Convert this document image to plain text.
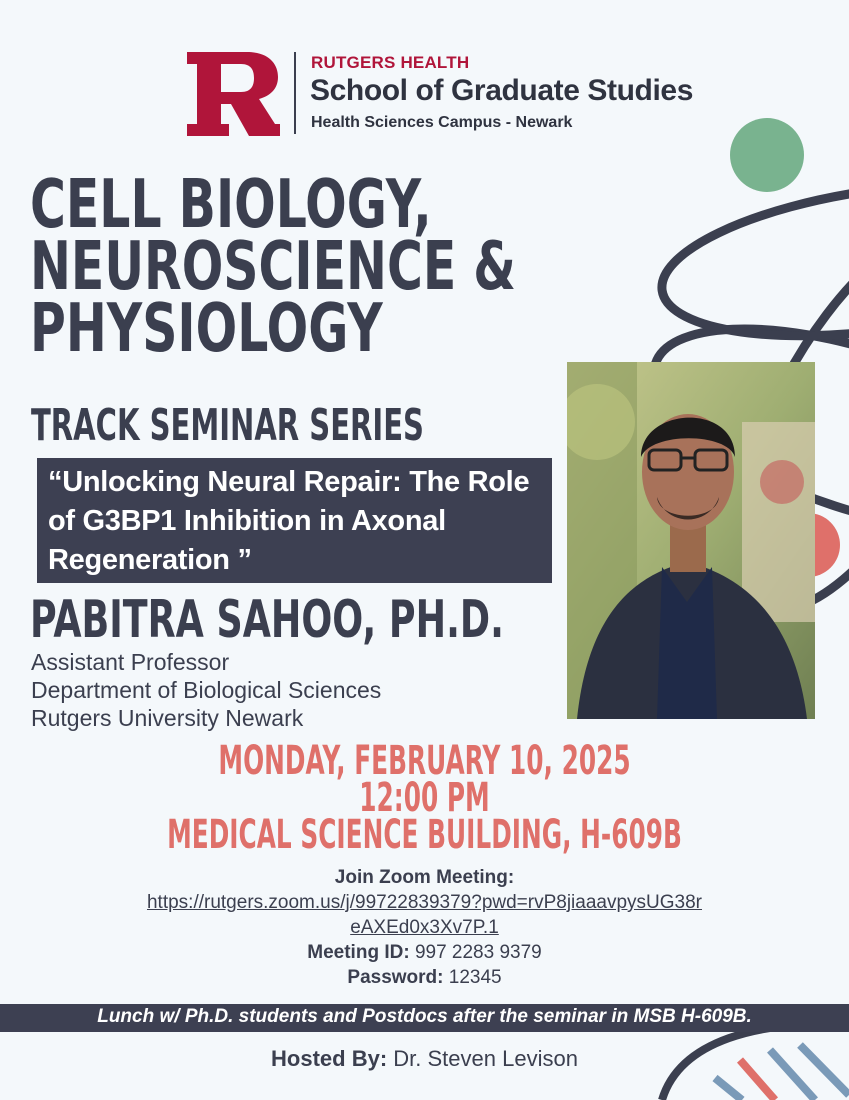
RUTGERS HEALTH
School of Graduate Studies
Health Sciences Campus - Newark
CELL BIOLOGY,
NEUROSCIENCE &
PHYSIOLOGY
TRACK SEMINAR SERIES

“Unlocking Neural Repair: The Role of G3BP1 Inhibition in Axonal Regeneration ”

PABITRA SAHOO, PH.D.
Assistant Professor
Department of Biological Sciences
Rutgers University Newark
MONDAY, FEBRUARY 10, 2025
12:00 PM
MEDICAL SCIENCE BUILDING, H-609B
Join Zoom Meeting:
https://rutgers.zoom.us/j/99722839379?pwd=rvP8jiaaavpysUG38r
eAXEd0x3Xv7P.1
Meeting ID: 997 2283 9379
Password: 12345
Lunch w/ Ph.D. students and Postdocs after the seminar in MSB H-609B.
Hosted By: Dr. Steven Levison
